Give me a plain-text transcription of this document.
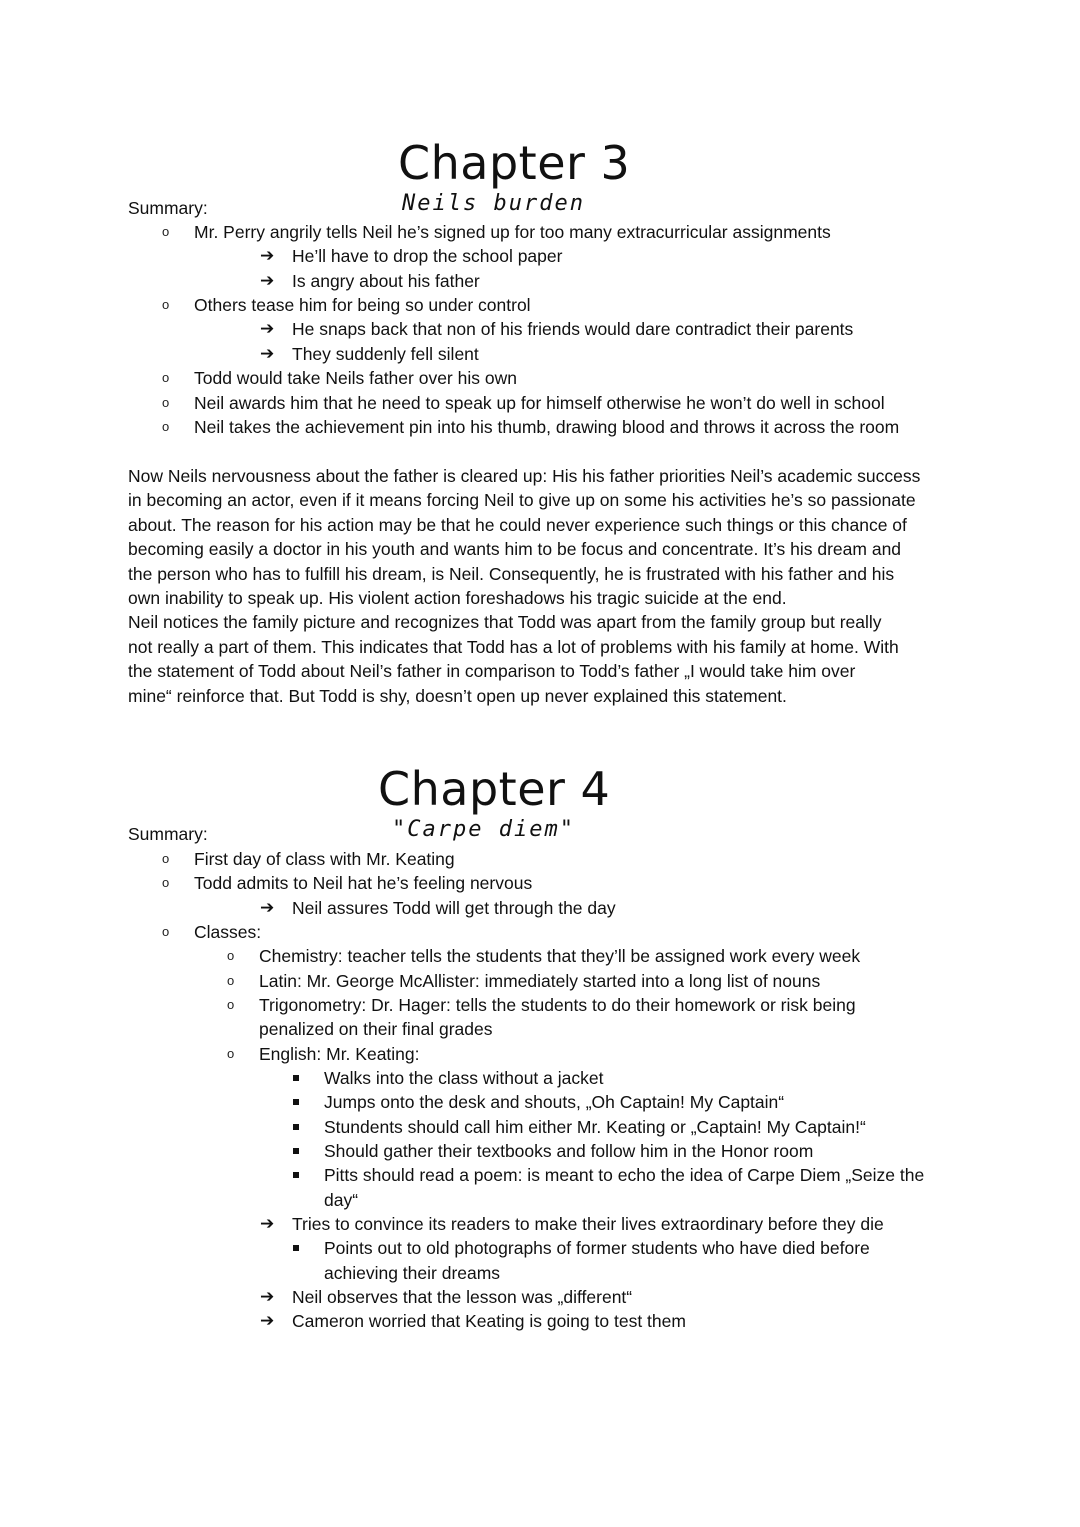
Chapter 3
Neils burden
Summary:
o Mr. Perry angrily tells Neil he’s signed up for too many extracurricular assignments
➔ He’ll have to drop the school paper
➔ Is angry about his father
o Others tease him for being so under control
➔ He snaps back that non of his friends would dare contradict their parents
➔ They suddenly fell silent
o Todd would take Neils father over his own
o Neil awards him that he need to speak up for himself otherwise he won’t do well in school
o Neil takes the achievement pin into his thumb, drawing blood and throws it across the room
Now Neils nervousness about the father is cleared up: His his father priorities Neil’s academic success
in becoming an actor, even if it means forcing Neil to give up on some his activities he’s so passionate
about. The reason for his action may be that he could never experience such things or this chance of
becoming easily a doctor in his youth and wants him to be focus and concentrate. It’s his dream and
the person who has to fulfill his dream, is Neil. Consequently, he is frustrated with his father and his
own inability to speak up. His violent action foreshadows his tragic suicide at the end.
Neil notices the family picture and recognizes that Todd was apart from the family group but really
not really a part of them. This indicates that Todd has a lot of problems with his family at home. With
the statement of Todd about Neil’s father in comparison to Todd’s father „I would take him over
mine“ reinforce that. But Todd is shy, doesn’t open up never explained this statement.
Chapter 4
"Carpe diem"
Summary:
o First day of class with Mr. Keating
o Todd admits to Neil hat he’s feeling nervous
➔ Neil assures Todd will get through the day
o Classes:
o Chemistry: teacher tells the students that they’ll be assigned work every week
o Latin: Mr. George McAllister: immediately started into a long list of nouns
o Trigonometry: Dr. Hager: tells the students to do their homework or risk being
penalized on their final grades
o English: Mr. Keating:
Walks into the class without a jacket
Jumps onto the desk and shouts, „Oh Captain! My Captain“
Stundents should call him either Mr. Keating or „Captain! My Captain!“
Should gather their textbooks and follow him in the Honor room
Pitts should read a poem: is meant to echo the idea of Carpe Diem „Seize the
day“
➔ Tries to convince its readers to make their lives extraordinary before they die
Points out to old photographs of former students who have died before
achieving their dreams
➔ Neil observes that the lesson was „different“
➔ Cameron worried that Keating is going to test them
